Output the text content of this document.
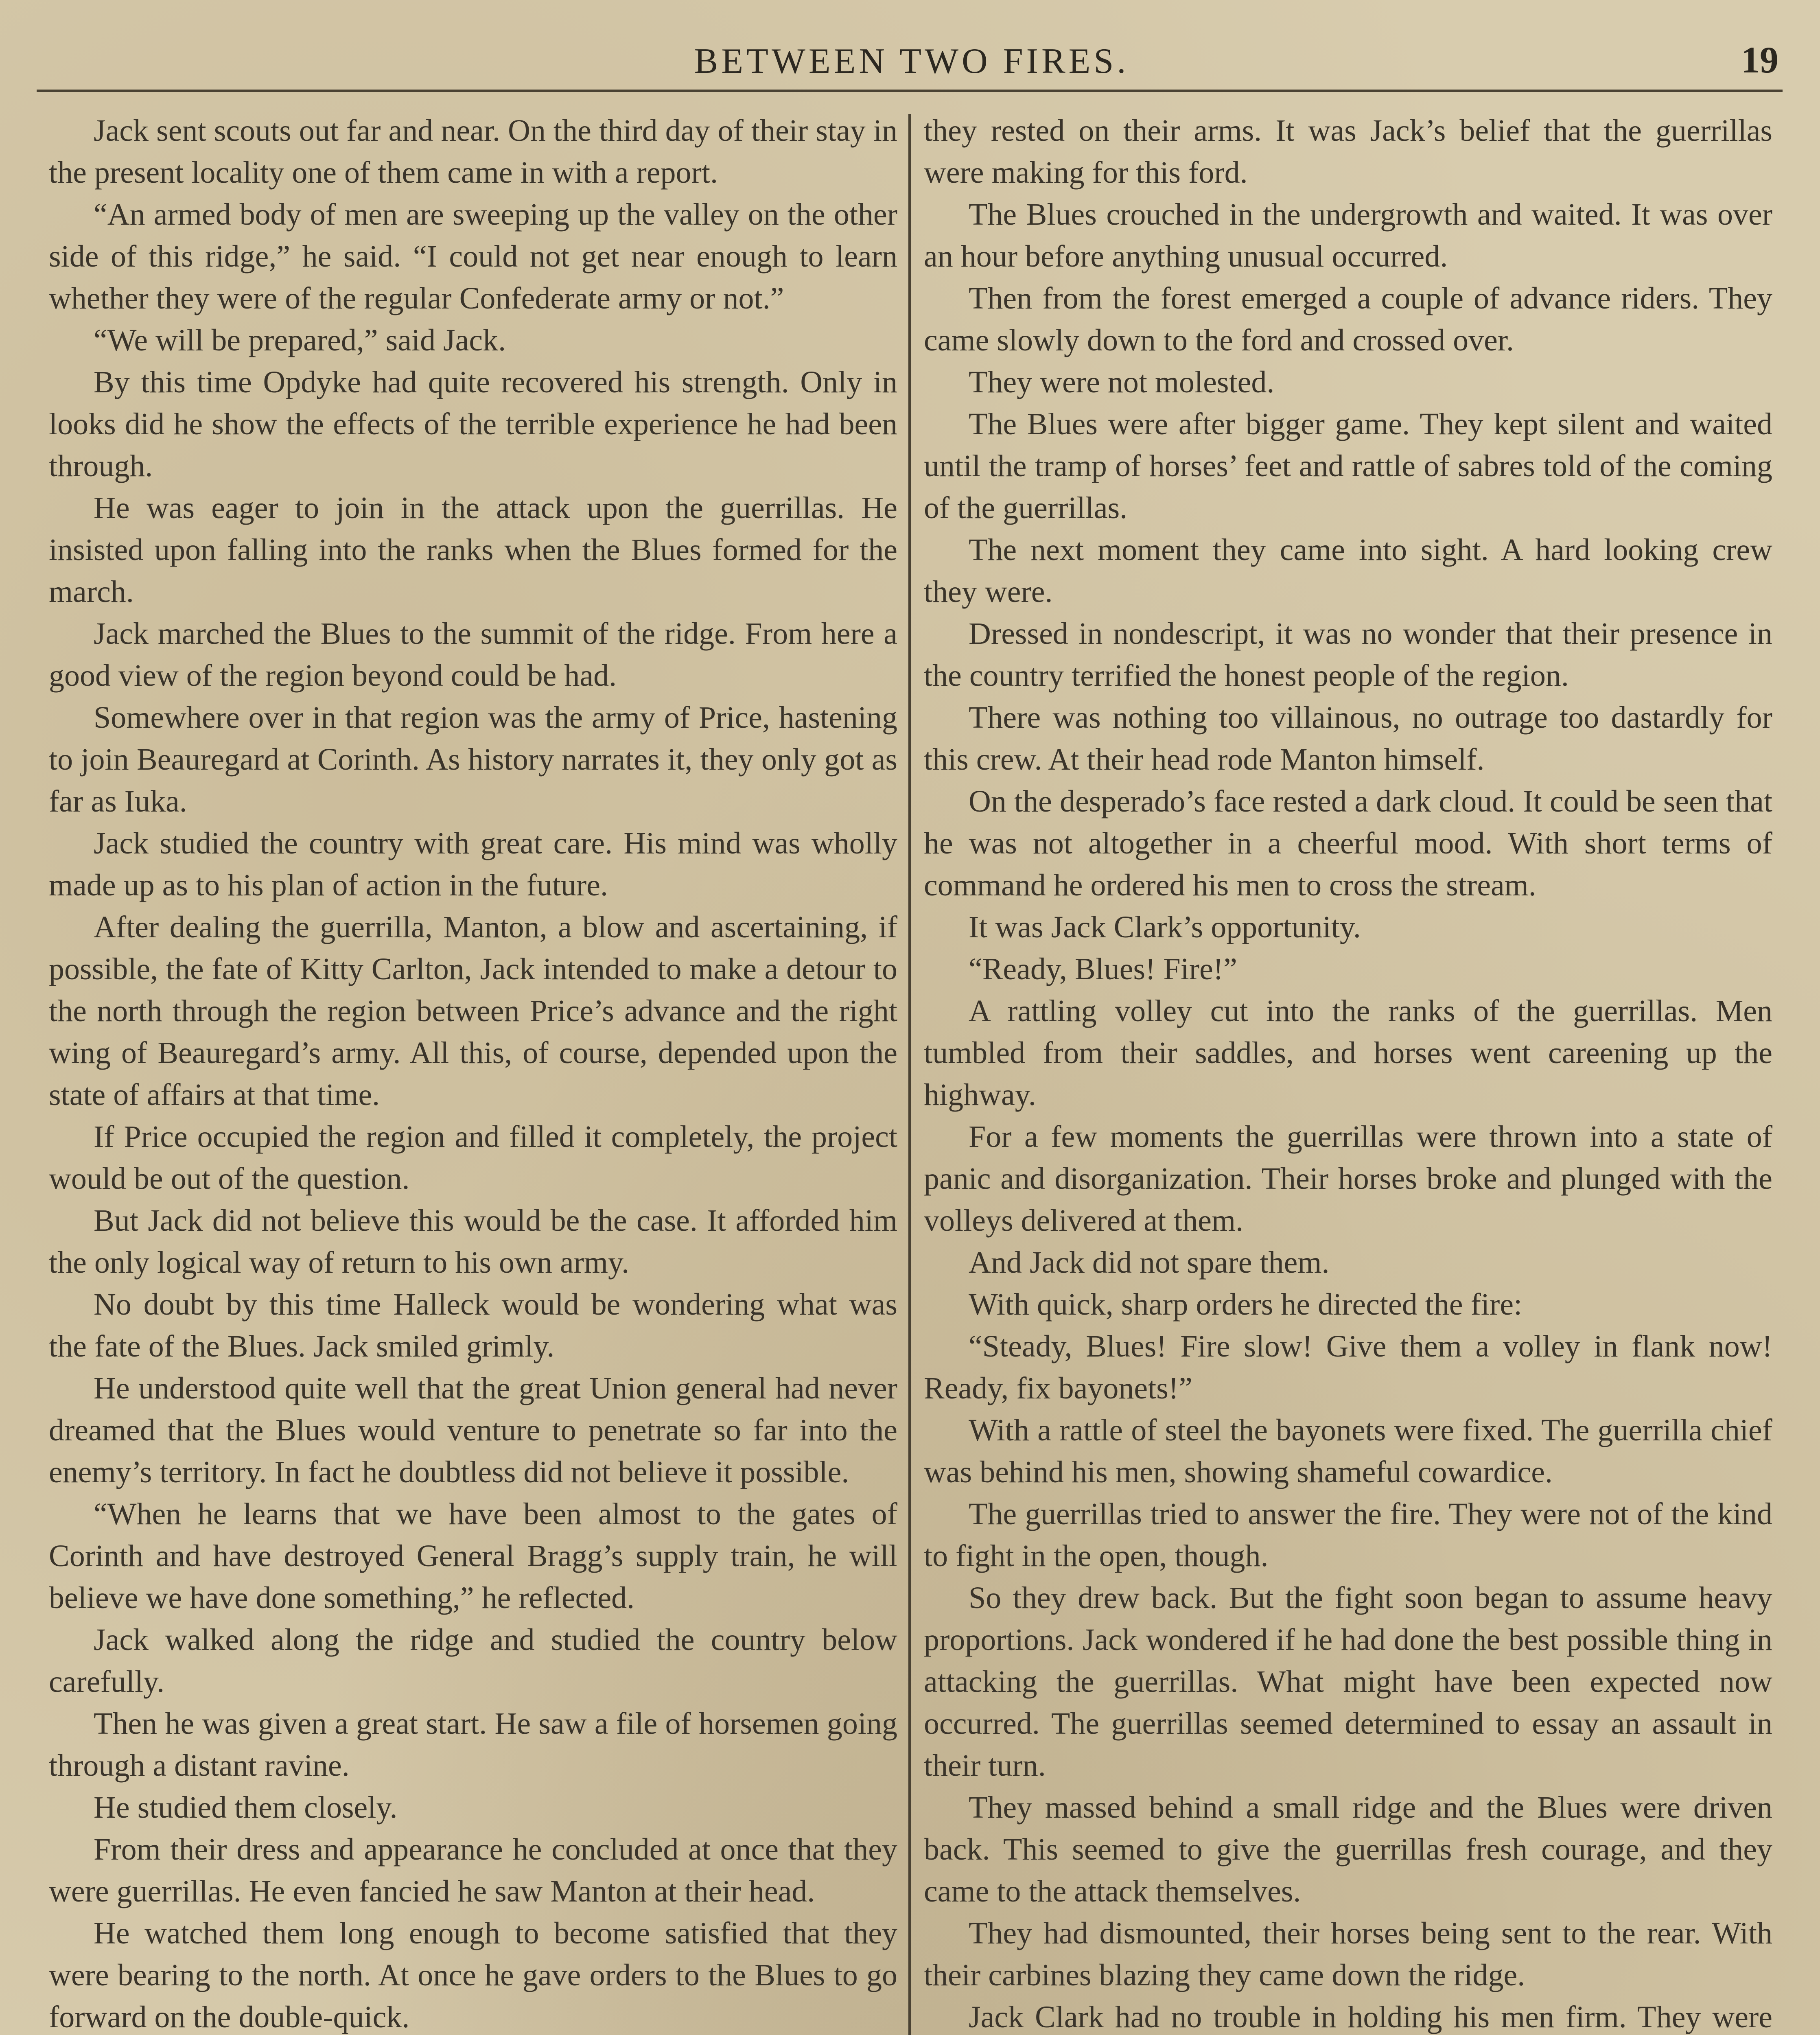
BETWEEN TWO FIRES.	19

Jack sent scouts out far and near. On the third day of their stay in the present locality one of them came in with a report.

“An armed body of men are sweeping up the valley on the other side of this ridge,” he said. “I could not get near enough to learn whether they were of the regular Confederate army or not.”

“We will be prepared,” said Jack.

By this time Opdyke had quite recovered his strength. Only in looks did he show the effects of the terrible experience he had been through.

He was eager to join in the attack upon the guerrillas. He insisted upon falling into the ranks when the Blues formed for the march.

Jack marched the Blues to the summit of the ridge. From here a good view of the region beyond could be had.

Somewhere over in that region was the army of Price, hastening to join Beauregard at Corinth. As history narrates it, they only got as far as Iuka.

Jack studied the country with great care. His mind was wholly made up as to his plan of action in the future.

After dealing the guerrilla, Manton, a blow and ascertaining, if possible, the fate of Kitty Carlton, Jack intended to make a detour to the north through the region between Price’s advance and the right wing of Beauregard’s army. All this, of course, depended upon the state of affairs at that time.

If Price occupied the region and filled it completely, the project would be out of the question.

But Jack did not believe this would be the case. It afforded him the only logical way of return to his own army.

No doubt by this time Halleck would be wondering what was the fate of the Blues. Jack smiled grimly.

He understood quite well that the great Union general had never dreamed that the Blues would venture to penetrate so far into the enemy’s territory. In fact he doubtless did not believe it possible.

“When he learns that we have been almost to the gates of Corinth and have destroyed General Bragg’s supply train, he will believe we have done something,” he reflected.

Jack walked along the ridge and studied the country below carefully.

Then he was given a great start. He saw a file of horsemen going through a distant ravine.

He studied them closely.

From their dress and appearance he concluded at once that they were guerrillas. He even fancied he saw Manton at their head.

He watched them long enough to become satisfied that they were bearing to the north. At once he gave orders to the Blues to go forward on the double-quick.

they rested on their arms. It was Jack’s belief that the guerrillas were making for this ford.

The Blues crouched in the undergrowth and waited. It was over an hour before anything unusual occurred.

Then from the forest emerged a couple of advance riders. They came slowly down to the ford and crossed over.

They were not molested.

The Blues were after bigger game. They kept silent and waited until the tramp of horses’ feet and rattle of sabres told of the coming of the guerrillas.

The next moment they came into sight. A hard looking crew they were.

Dressed in nondescript, it was no wonder that their presence in the country terrified the honest people of the region.

There was nothing too villainous, no outrage too dastardly for this crew. At their head rode Manton himself.

On the desperado’s face rested a dark cloud. It could be seen that he was not altogether in a cheerful mood. With short terms of command he ordered his men to cross the stream.

It was Jack Clark’s opportunity.

“Ready, Blues! Fire!”

A rattling volley cut into the ranks of the guerrillas. Men tumbled from their saddles, and horses went careening up the highway.

For a few moments the guerrillas were thrown into a state of panic and disorganization. Their horses broke and plunged with the volleys delivered at them.

And Jack did not spare them.

With quick, sharp orders he directed the fire:

“Steady, Blues! Fire slow! Give them a volley in flank now! Ready, fix bayonets!”

With a rattle of steel the bayonets were fixed. The guerrilla chief was behind his men, showing shameful cowardice.

The guerrillas tried to answer the fire. They were not of the kind to fight in the open, though.

So they drew back. But the fight soon began to assume heavy proportions. Jack wondered if he had done the best possible thing in attacking the guerrillas. What might have been expected now occurred. The guerrillas seemed determined to essay an assault in their turn.

They massed behind a small ridge and the Blues were driven back. This seemed to give the guerrillas fresh courage, and they came to the attack themselves.

They had dismounted, their horses being sent to the rear. With their carbines blazing they came down the ridge.

Jack Clark had no trouble in holding his men firm. They were
